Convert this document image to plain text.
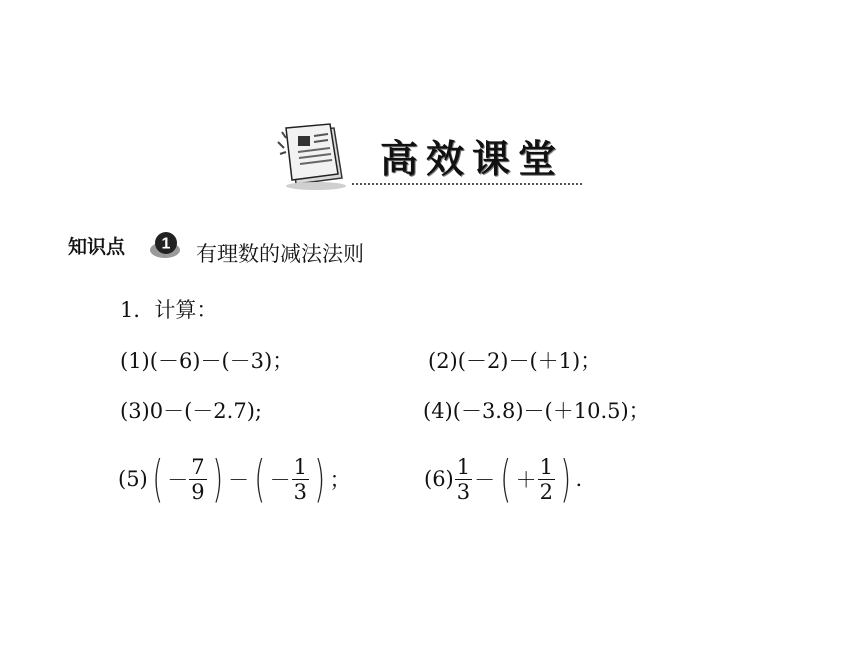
高效课堂
知识点 1 有理数的减法法则
1．计算：
(1)(－6)－(－3)；	(2)(－2)－(＋1)；
(3)0－(－2.7);	(4)(－3.8)－(＋10.5)；
(5) ( － $\frac{7}{9}$ ) － ( － $\frac{1}{3}$ ) ；	$(6) \frac{1}{3}$ － ( ＋ $\frac{1}{2}$ ) .
